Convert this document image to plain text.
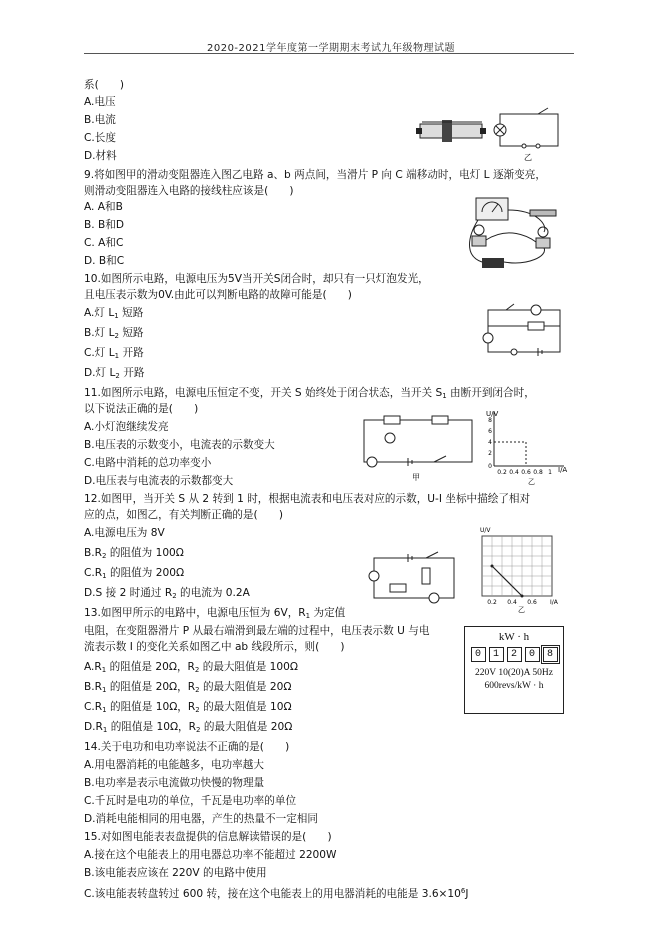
2020-2021学年度第一学期期末考试九年级物理试题
系(　　)
A.电压
B.电流
C.长度
D.材料	乙
9.将如图甲的滑动变阻器连入图乙电路 a、b 两点间，当滑片 P 向 C 端移动时，电灯 L 逐渐变亮，
则滑动变阻器连入电路的接线柱应该是(　　)
A. A和B
B. B和D
C. A和C
D. B和C
10.如图所示电路，电源电压为5V当开关S闭合时，却只有一只灯泡发光，
且电压表示数为0V.由此可以判断电路的故障可能是(　　)
A.灯 $L_1$ 短路
B.灯 $L_2$ 短路
C.灯 $L_1$ 开路
D.灯 $L_2$ 开路
11.如图所示电路，电源电压恒定不变，开关 S 始终处于闭合状态，当开关 $S_1$ 由断开到闭合时，
以下说法正确的是(　　)
A.小灯泡继续发亮
B.电压表的示数变小，电流表的示数变大
C.电路中消耗的总功率变小
D.电压表与电流表的示数都变大	甲
U/V
I/A
8
6
4
2
0
0.2 0.4 0.6 0.8 1
乙
12.如图甲，当开关 S 从 2 转到 1 时，根据电流表和电压表对应的示数，U-I 坐标中描绘了相对
应的点，如图乙，有关判断正确的是(　　)
A.电源电压为 8V
$B.R_2$ 的阻值为 100Ω
$C.R_1$ 的阻值为 200Ω
D.S 接 2 时通过 $R_2$ 的电流为 0.2A
U/V
I/A
0.2 0.4 0.6
乙
13.如图甲所示的电路中，电源电压恒为 6V，$R_1$ 为定值
电阻，在变阻器滑片 P 从最右端滑到最左端的过程中，电压表示数 U 与电
流表示数 I 的变化关系如图乙中 ab 线段所示，则(　　)
$A.R_1$ 的阻值是 20Ω，$R_2$ 的最大阻值是 100Ω
$B.R_1$ 的阻值是 20Ω，$R_2$ 的最大阻值是 20Ω
$C.R_1$ 的阻值是 10Ω，$R_2$ 的最大阻值是 10Ω
$D.R_1$ 的阻值是 10Ω，$R_2$ 的最大阻值是 20Ω
kW · h
0	1	2	0	8
220V 10(20)A 50Hz
600revs/kW · h
14.关于电功和电功率说法不正确的是(　　)
A.用电器消耗的电能越多，电功率越大
B.电功率是表示电流做功快慢的物理量
C.千瓦时是电功的单位，千瓦是电功率的单位
D.消耗电能相同的用电器，产生的热量不一定相同
15.对如图电能表表盘提供的信息解读错误的是(　　)
A.接在这个电能表上的用电器总功率不能超过 2200W
B.该电能表应该在 220V 的电路中使用
C.该电能表转盘转过 600 转，接在这个电能表上的用电器消耗的电能是 $3.6\times 10^6J$
